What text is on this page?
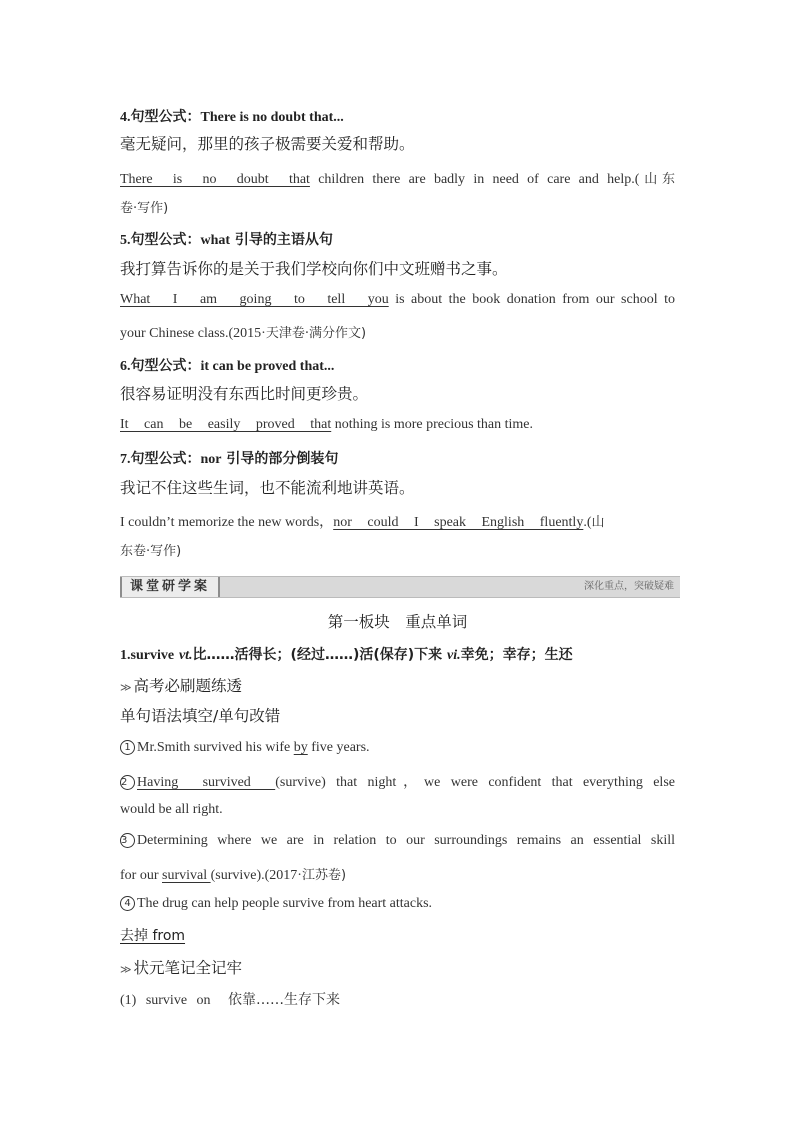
4.句型公式：There is no doubt that...
毫无疑问，那里的孩子极需要关爱和帮助。
There is no doubt that children there are badly in need of care and help.(山东
卷·写作)
5.句型公式：what 引导的主语从句
我打算告诉你的是关于我们学校向你们中文班赠书之事。
What I am going to tell you is about the book donation from our school to
your Chinese class.(2015·天津卷·满分作文)
6.句型公式：it can be proved that...
很容易证明没有东西比时间更珍贵。
It can be easily proved that nothing is more precious than time.
7.句型公式：nor 引导的部分倒装句
我记不住这些生词，也不能流利地讲英语。
I couldn’t memorize the new words，nor could I speak English fluently.(山
东卷·写作)
课堂研学案	深化重点，突破疑难
第一板块　重点单词
1.survive vt.比……活得长；(经过……)活(保存)下来 vi.幸免；幸存；生还
≫ 高考必刷题练透
单句语法填空/单句改错
1 Mr.Smith survived his wife by five years.
2 Having survived (survive) that night，we were confident that everything else
would be all right.
3 Determining where we are in relation to our surroundings remains an essential skill
for our survival (survive).(2017·江苏卷)
4 The drug can help people survive from heart attacks.
去掉 from
≫ 状元笔记全记牢
(1) survive on 依靠……生存下来
